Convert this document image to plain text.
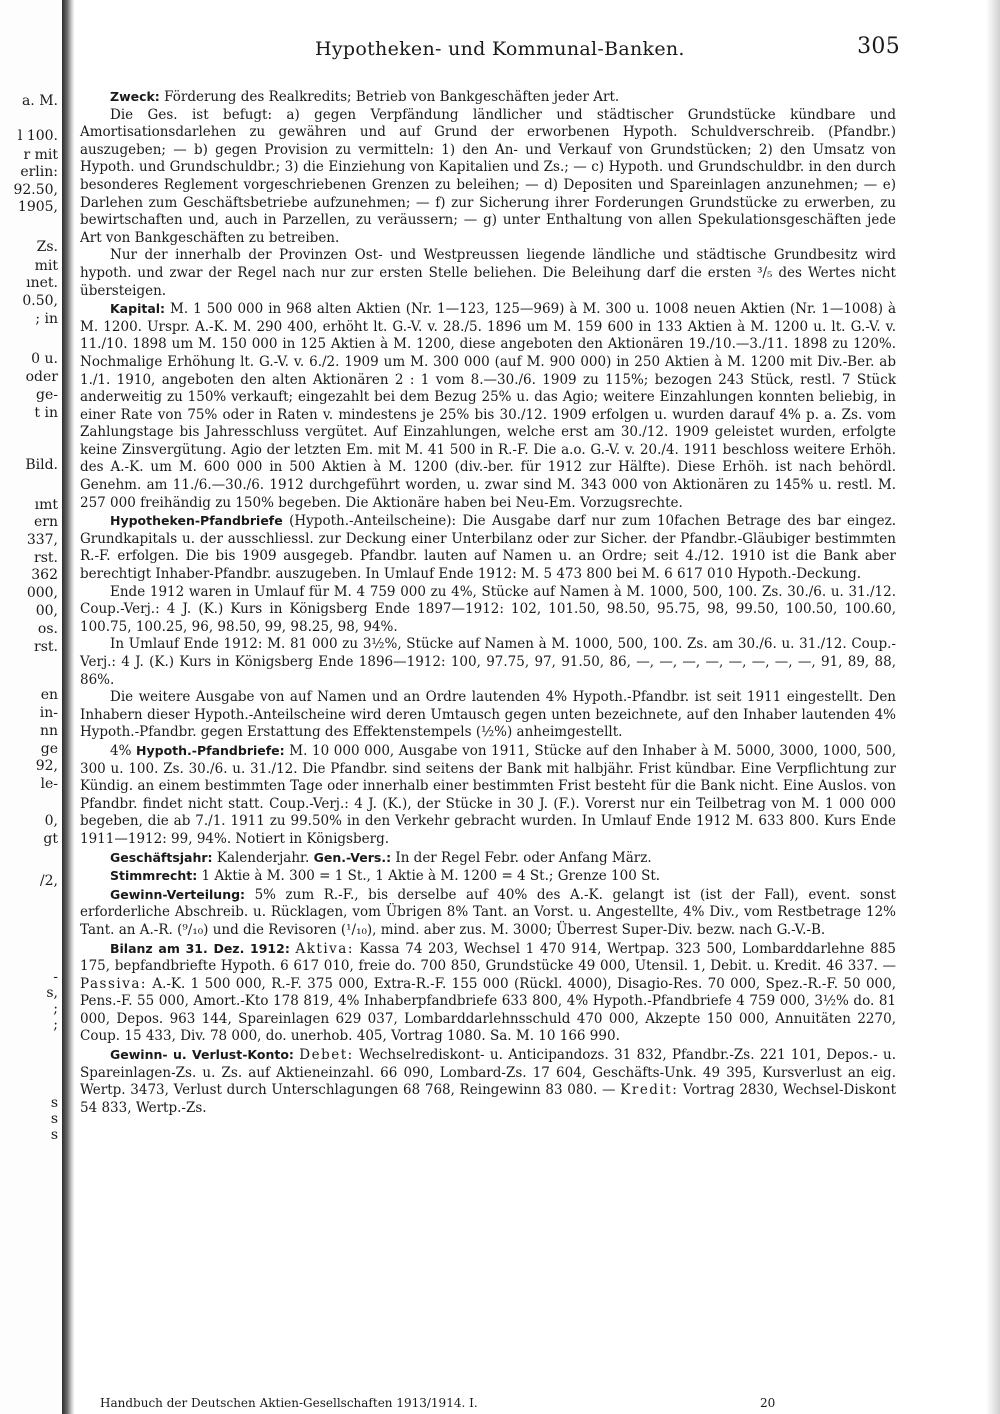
a. M.
l 100.
r mit
erlin:
92.50,
1905,
Zs.
mit
ınet.
0.50,
; in
0 u.
oder
ge-
t in
Bild.
ımt
ern
337,
rst.
362
000,
00,
os.
rst.
en
in-
nn
ge
92,
le-
0,
gt
/2,
-
s,
;
;
s
s
s
Hypotheken- und Kommunal-Banken.	305

Zweck: Förderung des Realkredits; Betrieb von Bankgeschäften jeder Art.

Die Ges. ist befugt: a) gegen Verpfändung ländlicher und städtischer Grundstücke kündbare und Amortisationsdarlehen zu gewähren und auf Grund der erworbenen Hypoth. Schuldverschreib. (Pfandbr.) auszugeben; — b) gegen Provision zu vermitteln: 1) den An- und Verkauf von Grundstücken; 2) den Umsatz von Hypoth. und Grundschuldbr.; 3) die Einziehung von Kapitalien und Zs.; — c) Hypoth. und Grundschuldbr. in den durch besonderes Reglement vorgeschriebenen Grenzen zu beleihen; — d) Depositen und Spareinlagen anzunehmen; — e) Darlehen zum Geschäftsbetriebe aufzunehmen; — f) zur Sicherung ihrer Forderungen Grundstücke zu erwerben, zu bewirtschaften und, auch in Parzellen, zu veräussern; — g) unter Enthaltung von allen Spekulationsgeschäften jede Art von Bankgeschäften zu betreiben.

Nur der innerhalb der Provinzen Ost- und Westpreussen liegende ländliche und städtische Grundbesitz wird hypoth. und zwar der Regel nach nur zur ersten Stelle beliehen. Die Beleihung darf die ersten ³/₅ des Wertes nicht übersteigen.

Kapital: M. 1 500 000 in 968 alten Aktien (Nr. 1—123, 125—969) à M. 300 u. 1008 neuen Aktien (Nr. 1—1008) à M. 1200. Urspr. A.-K. M. 290 400, erhöht lt. G.-V. v. 28./5. 1896 um M. 159 600 in 133 Aktien à M. 1200 u. lt. G.-V. v. 11./10. 1898 um M. 150 000 in 125 Aktien à M. 1200, diese angeboten den Aktionären 19./10.—3./11. 1898 zu 120%. Nochmalige Erhöhung lt. G.-V. v. 6./2. 1909 um M. 300 000 (auf M. 900 000) in 250 Aktien à M. 1200 mit Div.-Ber. ab 1./1. 1910, angeboten den alten Aktionären 2 : 1 vom 8.—30./6. 1909 zu 115%; bezogen 243 Stück, restl. 7 Stück anderweitig zu 150% verkauft; eingezahlt bei dem Bezug 25% u. das Agio; weitere Einzahlungen konnten beliebig, in einer Rate von 75% oder in Raten v. mindestens je 25% bis 30./12. 1909 erfolgen u. wurden darauf 4% p. a. Zs. vom Zahlungstage bis Jahresschluss vergütet. Auf Einzahlungen, welche erst am 30./12. 1909 geleistet wurden, erfolgte keine Zinsvergütung. Agio der letzten Em. mit M. 41 500 in R.-F. Die a.o. G.-V. v. 20./4. 1911 beschloss weitere Erhöh. des A.-K. um M. 600 000 in 500 Aktien à M. 1200 (div.-ber. für 1912 zur Hälfte). Diese Erhöh. ist nach behördl. Genehm. am 11./6.—30./6. 1912 durchgeführt worden, u. zwar sind M. 343 000 von Aktionären zu 145% u. restl. M. 257 000 freihändig zu 150% begeben. Die Aktionäre haben bei Neu-Em. Vorzugsrechte.

Hypotheken-Pfandbriefe (Hypoth.-Anteilscheine): Die Ausgabe darf nur zum 10fachen Betrage des bar eingez. Grundkapitals u. der ausschliessl. zur Deckung einer Unterbilanz oder zur Sicher. der Pfandbr.-Gläubiger bestimmten R.-F. erfolgen. Die bis 1909 ausgegeb. Pfandbr. lauten auf Namen u. an Ordre; seit 4./12. 1910 ist die Bank aber berechtigt Inhaber-Pfandbr. auszugeben. In Umlauf Ende 1912: M. 5 473 800 bei M. 6 617 010 Hypoth.-Deckung.

Ende 1912 waren in Umlauf für M. 4 759 000 zu 4%, Stücke auf Namen à M. 1000, 500, 100. Zs. 30./6. u. 31./12. Coup.-Verj.: 4 J. (K.) Kurs in Königsberg Ende 1897—1912: 102, 101.50, 98.50, 95.75, 98, 99.50, 100.50, 100.60, 100.75, 100.25, 96, 98.50, 99, 98.25, 98, 94%.

In Umlauf Ende 1912: M. 81 000 zu 3½%, Stücke auf Namen à M. 1000, 500, 100. Zs. am 30./6. u. 31./12. Coup.-Verj.: 4 J. (K.) Kurs in Königsberg Ende 1896—1912: 100, 97.75, 97, 91.50, 86, —, —, —, —, —, —, —, —, 91, 89, 88, 86%.

Die weitere Ausgabe von auf Namen und an Ordre lautenden 4% Hypoth.-Pfandbr. ist seit 1911 eingestellt. Den Inhabern dieser Hypoth.-Anteilscheine wird deren Umtausch gegen unten bezeichnete, auf den Inhaber lautenden 4% Hypoth.-Pfandbr. gegen Erstattung des Effektenstempels (½%) anheimgestellt.

4% Hypoth.-Pfandbriefe: M. 10 000 000, Ausgabe von 1911, Stücke auf den Inhaber à M. 5000, 3000, 1000, 500, 300 u. 100. Zs. 30./6. u. 31./12. Die Pfandbr. sind seitens der Bank mit halbjähr. Frist kündbar. Eine Verpflichtung zur Kündig. an einem bestimmten Tage oder innerhalb einer bestimmten Frist besteht für die Bank nicht. Eine Auslos. von Pfandbr. findet nicht statt. Coup.-Verj.: 4 J. (K.), der Stücke in 30 J. (F.). Vorerst nur ein Teilbetrag von M. 1 000 000 begeben, die ab 7./1. 1911 zu 99.50% in den Verkehr gebracht wurden. In Umlauf Ende 1912 M. 633 800. Kurs Ende 1911—1912: 99, 94%. Notiert in Königsberg.

Geschäftsjahr: Kalenderjahr. Gen.-Vers.: In der Regel Febr. oder Anfang März.

Stimmrecht: 1 Aktie à M. 300 = 1 St., 1 Aktie à M. 1200 = 4 St.; Grenze 100 St.

Gewinn-Verteilung: 5% zum R.-F., bis derselbe auf 40% des A.-K. gelangt ist (ist der Fall), event. sonst erforderliche Abschreib. u. Rücklagen, vom Übrigen 8% Tant. an Vorst. u. Angestellte, 4% Div., vom Restbetrage 12% Tant. an A.-R. (⁹/₁₀) und die Revisoren (¹/₁₀), mind. aber zus. M. 3000; Überrest Super-Div. bezw. nach G.-V.-B.

Bilanz am 31. Dez. 1912: Aktiva: Kassa 74 203, Wechsel 1 470 914, Wertpap. 323 500, Lombarddarlehne 885 175, bepfandbriefte Hypoth. 6 617 010, freie do. 700 850, Grundstücke 49 000, Utensil. 1, Debit. u. Kredit. 46 337. — Passiva: A.-K. 1 500 000, R.-F. 375 000, Extra-R.-F. 155 000 (Rückl. 4000), Disagio-Res. 70 000, Spez.-R.-F. 50 000, Pens.-F. 55 000, Amort.-Kto 178 819, 4% Inhaberpfandbriefe 633 800, 4% Hypoth.-Pfandbriefe 4 759 000, 3½% do. 81 000, Depos. 963 144, Spareinlagen 629 037, Lombarddarlehnsschuld 470 000, Akzepte 150 000, Annuitäten 2270, Coup. 15 433, Div. 78 000, do. unerhob. 405, Vortrag 1080. Sa. M. 10 166 990.

Gewinn- u. Verlust-Konto: Debet: Wechselrediskont- u. Anticipandozs. 31 832, Pfandbr.-Zs. 221 101, Depos.- u. Spareinlagen-Zs. u. Zs. auf Aktieneinzahl. 66 090, Lombard-Zs. 17 604, Geschäfts-Unk. 49 395, Kursverlust an eig. Wertp. 3473, Verlust durch Unterschlagungen 68 768, Reingewinn 83 080. — Kredit: Vortrag 2830, Wechsel-Diskont 54 833, Wertp.-Zs.

Handbuch der Deutschen Aktien-Gesellschaften 1913/1914. I.	20
